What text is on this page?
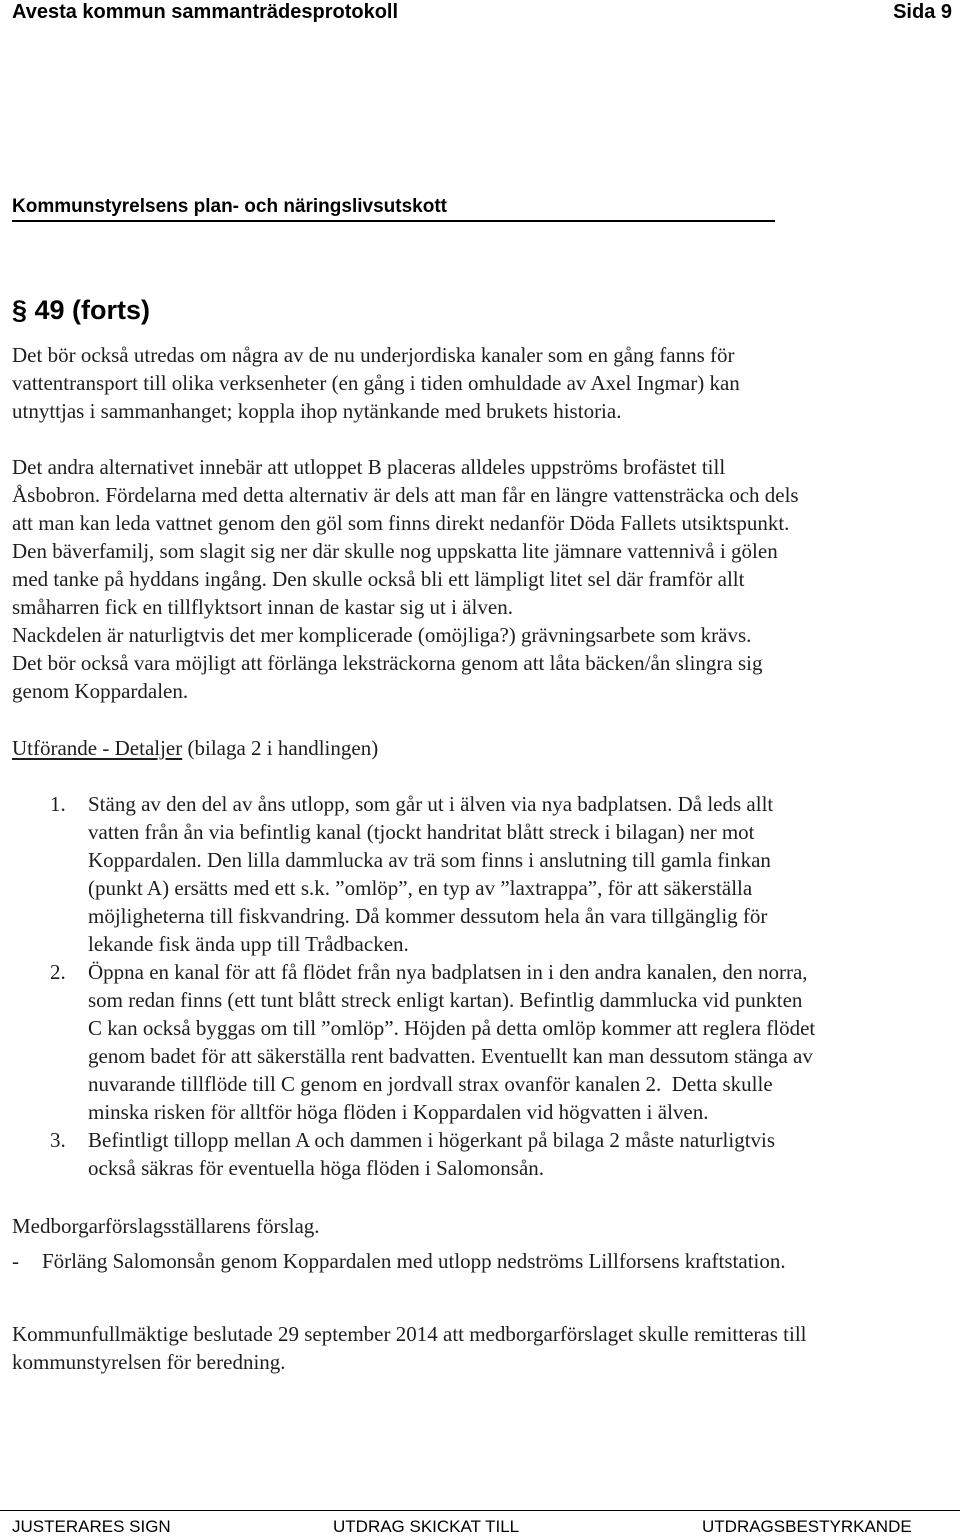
Avesta kommun sammanträdesprotokoll	Sida 9
Kommunstyrelsens plan- och näringslivsutskott
§ 49 (forts)
Det bör också utredas om några av de nu underjordiska kanaler som en gång fanns för
vattentransport till olika verksenheter (en gång i tiden omhuldade av Axel Ingmar) kan
utnyttjas i sammanhanget; koppla ihop nytänkande med brukets historia.
Det andra alternativet innebär att utloppet B placeras alldeles uppströms brofästet till
Åsbobron. Fördelarna med detta alternativ är dels att man får en längre vattensträcka och dels
att man kan leda vattnet genom den göl som finns direkt nedanför Döda Fallets utsiktspunkt.
Den bäverfamilj, som slagit sig ner där skulle nog uppskatta lite jämnare vattennivå i gölen
med tanke på hyddans ingång. Den skulle också bli ett lämpligt litet sel där framför allt
småharren fick en tillflyktsort innan de kastar sig ut i älven.
Nackdelen är naturligtvis det mer komplicerade (omöjliga?) grävningsarbete som krävs.
Det bör också vara möjligt att förlänga leksträckorna genom att låta bäcken/ån slingra sig
genom Koppardalen.
Utförande - Detaljer (bilaga 2 i handlingen)
1. Stäng av den del av åns utlopp, som går ut i älven via nya badplatsen. Då leds allt
vatten från ån via befintlig kanal (tjockt handritat blått streck i bilagan) ner mot
Koppardalen. Den lilla dammlucka av trä som finns i anslutning till gamla finkan
(punkt A) ersätts med ett s.k. ”omlöp”, en typ av ”laxtrappa”, för att säkerställa
möjligheterna till fiskvandring. Då kommer dessutom hela ån vara tillgänglig för
lekande fisk ända upp till Trådbacken.
2. Öppna en kanal för att få flödet från nya badplatsen in i den andra kanalen, den norra,
som redan finns (ett tunt blått streck enligt kartan). Befintlig dammlucka vid punkten
C kan också byggas om till ”omlöp”. Höjden på detta omlöp kommer att reglera flödet
genom badet för att säkerställa rent badvatten. Eventuellt kan man dessutom stänga av
nuvarande tillflöde till C genom en jordvall strax ovanför kanalen 2.  Detta skulle
minska risken för alltför höga flöden i Koppardalen vid högvatten i älven.
3. Befintligt tillopp mellan A och dammen i högerkant på bilaga 2 måste naturligtvis
också säkras för eventuella höga flöden i Salomonsån.
Medborgarförslagsställarens förslag.
- Förläng Salomonsån genom Koppardalen med utlopp nedströms Lillforsens kraftstation.
Kommunfullmäktige beslutade 29 september 2014 att medborgarförslaget skulle remitteras till
kommunstyrelsen för beredning.
JUSTERARES SIGN	UTDRAG SKICKAT TILL	UTDRAGSBESTYRKANDE
